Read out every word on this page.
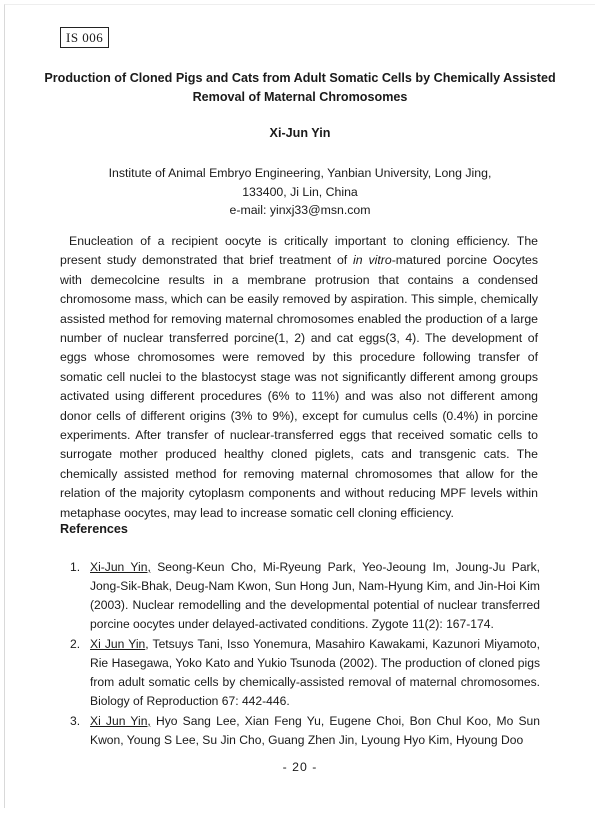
IS 006
Production of Cloned Pigs and Cats from Adult Somatic Cells by Chemically Assisted
Removal of Maternal Chromosomes
Xi-Jun Yin
Institute of Animal Embryo Engineering, Yanbian University, Long Jing,
133400, Ji Lin, China
e-mail: yinxj33@msn.com

Enucleation of a recipient oocyte is critically important to cloning efficiency. The present study demonstrated that brief treatment of in vitro-matured porcine Oocytes with demecolcine results in a membrane protrusion that contains a condensed chromosome mass, which can be easily removed by aspiration. This simple, chemically assisted method for removing maternal chromosomes enabled the production of a large number of nuclear transferred porcine(1, 2) and cat eggs(3, 4). The development of eggs whose chromosomes were removed by this procedure following transfer of somatic cell nuclei to the blastocyst stage was not significantly different among groups activated using different procedures (6% to 11%) and was also not different among donor cells of different origins (3% to 9%), except for cumulus cells (0.4%) in porcine experiments. After transfer of nuclear-transferred eggs that received somatic cells to surrogate mother produced healthy cloned piglets, cats and transgenic cats. The chemically assisted method for removing maternal chromosomes that allow for the relation of the majority cytoplasm components and without reducing MPF levels within metaphase oocytes, may lead to increase somatic cell cloning efficiency.

References
1. Xi-Jun Yin, Seong-Keun Cho, Mi-Ryeung Park, Yeo-Jeoung Im, Joung-Ju Park, Jong-Sik-Bhak, Deug-Nam Kwon, Sun Hong Jun, Nam-Hyung Kim, and Jin-Hoi Kim (2003). Nuclear remodelling and the developmental potential of nuclear transferred porcine oocytes under delayed-activated conditions. Zygote 11(2): 167-174.
2. Xi Jun Yin, Tetsuys Tani, Isso Yonemura, Masahiro Kawakami, Kazunori Miyamoto, Rie Hasegawa, Yoko Kato and Yukio Tsunoda (2002). The production of cloned pigs from adult somatic cells by chemically-assisted removal of maternal chromosomes. Biology of Reproduction 67: 442-446.
3. Xi Jun Yin, Hyo Sang Lee, Xian Feng Yu, Eugene Choi, Bon Chul Koo, Mo Sun Kwon, Young S Lee, Su Jin Cho, Guang Zhen Jin, Lyoung Hyo Kim, Hyoung Doo
- 20 -
